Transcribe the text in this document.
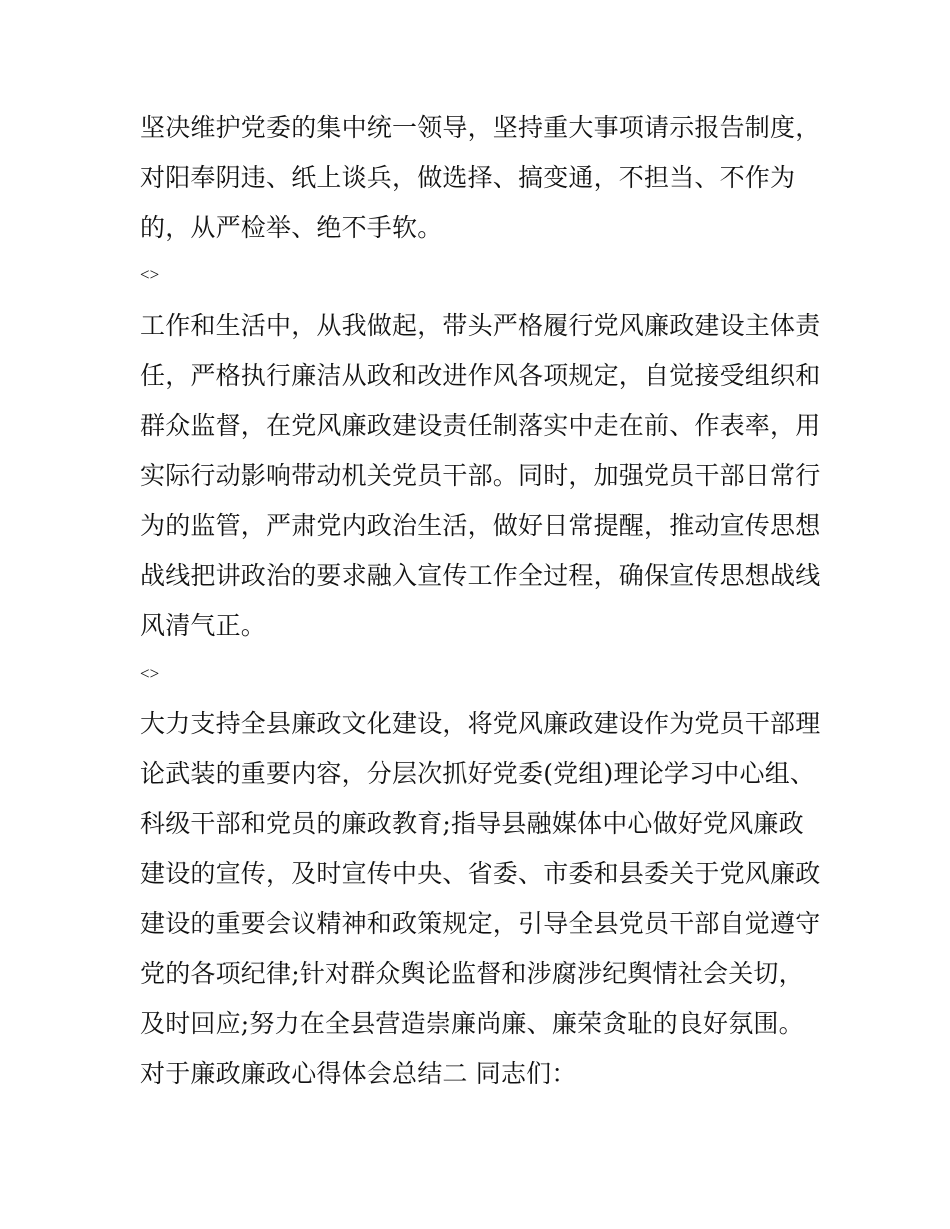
坚决维护党委的集中统一领导，坚持重大事项请示报告制度，
对阳奉阴违、纸上谈兵，做选择、搞变通，不担当、不作为
的，从严检举、绝不手软。
<>
工作和生活中，从我做起，带头严格履行党风廉政建设主体责
任，严格执行廉洁从政和改进作风各项规定，自觉接受组织和
群众监督，在党风廉政建设责任制落实中走在前、作表率，用
实际行动影响带动机关党员干部。同时，加强党员干部日常行
为的监管，严肃党内政治生活，做好日常提醒，推动宣传思想
战线把讲政治的要求融入宣传工作全过程，确保宣传思想战线
风清气正。
<>
大力支持全县廉政文化建设，将党风廉政建设作为党员干部理
论武装的重要内容，分层次抓好党委(党组)理论学习中心组、
科级干部和党员的廉政教育;指导县融媒体中心做好党风廉政
建设的宣传，及时宣传中央、省委、市委和县委关于党风廉政
建设的重要会议精神和政策规定，引导全县党员干部自觉遵守
党的各项纪律;针对群众舆论监督和涉腐涉纪舆情社会关切，
及时回应;努力在全县营造崇廉尚廉、廉荣贪耻的良好氛围。
对于廉政廉政心得体会总结二 同志们：
